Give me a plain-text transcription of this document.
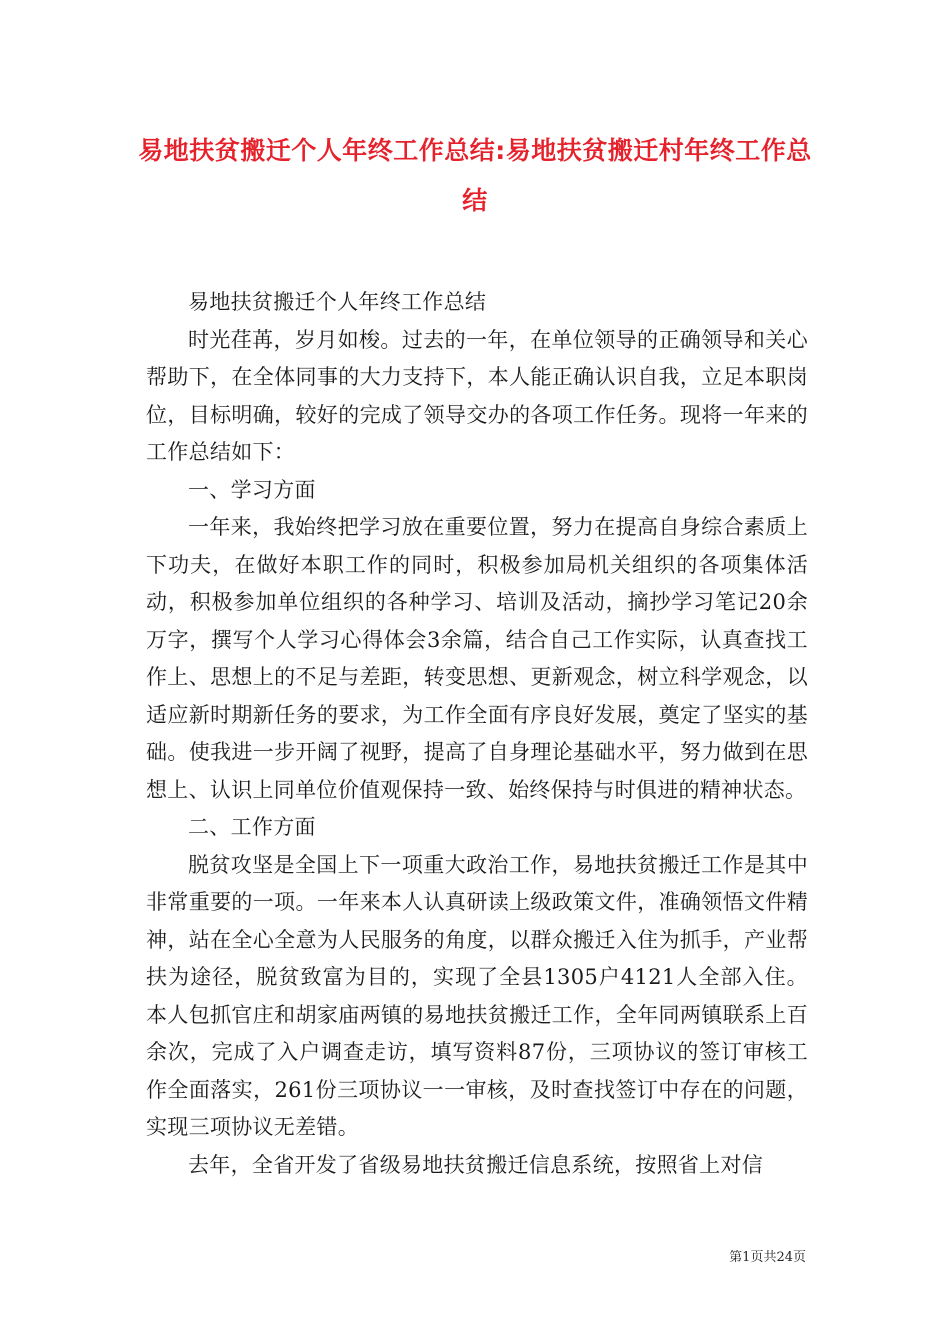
易地扶贫搬迁个人年终工作总结:易地扶贫搬迁村年终工作总结

易地扶贫搬迁个人年终工作总结

时光荏苒，岁月如梭。过去的一年，在单位领导的正确领导和关心帮助下，在全体同事的大力支持下，本人能正确认识自我，立足本职岗位，目标明确，较好的完成了领导交办的各项工作任务。现将一年来的工作总结如下：

一、学习方面

一年来，我始终把学习放在重要位置，努力在提高自身综合素质上下功夫，在做好本职工作的同时，积极参加局机关组织的各项集体活动，积极参加单位组织的各种学习、培训及活动，摘抄学习笔记20余万字，撰写个人学习心得体会3余篇，结合自己工作实际，认真查找工作上、思想上的不足与差距，转变思想、更新观念，树立科学观念，以适应新时期新任务的要求，为工作全面有序良好发展，奠定了坚实的基础。使我进一步开阔了视野，提高了自身理论基础水平，努力做到在思想上、认识上同单位价值观保持一致、始终保持与时俱进的精神状态。

二、工作方面

脱贫攻坚是全国上下一项重大政治工作，易地扶贫搬迁工作是其中非常重要的一项。一年来本人认真研读上级政策文件，准确领悟文件精神，站在全心全意为人民服务的角度，以群众搬迁入住为抓手，产业帮扶为途径，脱贫致富为目的，实现了全县1305户4121人全部入住。本人包抓官庄和胡家庙两镇的易地扶贫搬迁工作，全年同两镇联系上百余次，完成了入户调查走访，填写资料87份，三项协议的签订审核工作全面落实，261份三项协议一一审核，及时查找签订中存在的问题，实现三项协议无差错。

去年，全省开发了省级易地扶贫搬迁信息系统，按照省上对信

第1页共24页
